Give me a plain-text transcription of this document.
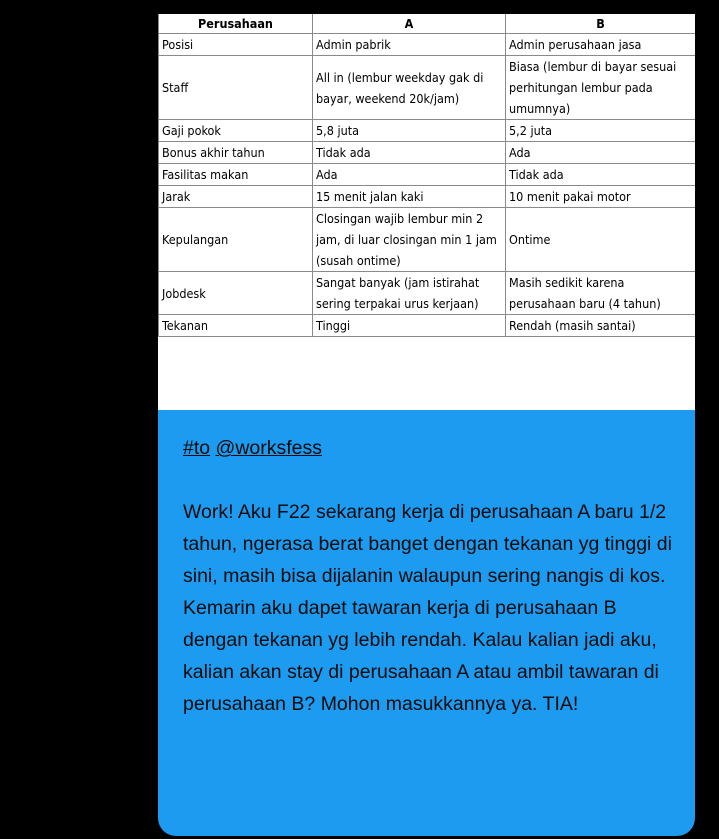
Perusahaan	A	B
Posisi	Admin pabrik	Admin perusahaan jasa
Staff	All in (lembur weekday gak di bayar, weekend 20k/jam)	Biasa (lembur di bayar sesuai perhitungan lembur pada umumnya)
Gaji pokok	5,8 juta	5,2 juta
Bonus akhir tahun	Tidak ada	Ada
Fasilitas makan	Ada	Tidak ada
Jarak	15 menit jalan kaki	10 menit pakai motor
Kepulangan	Closingan wajib lembur min 2 jam, di luar closingan min 1 jam (susah ontime)	Ontime
Jobdesk	Sangat banyak (jam istirahat sering terpakai urus kerjaan)	Masih sedikit karena perusahaan baru (4 tahun)
Tekanan	Tinggi	Rendah (masih santai)
#to @worksfess
Work! Aku F22 sekarang kerja di perusahaan A baru 1/2 tahun, ngerasa berat banget dengan tekanan yg tinggi di sini, masih bisa dijalanin walaupun sering nangis di kos. Kemarin aku dapet tawaran kerja di perusahaan B dengan tekanan yg lebih rendah. Kalau kalian jadi aku, kalian akan stay di perusahaan A atau ambil tawaran di perusahaan B? Mohon masukkannya ya. TIA!
